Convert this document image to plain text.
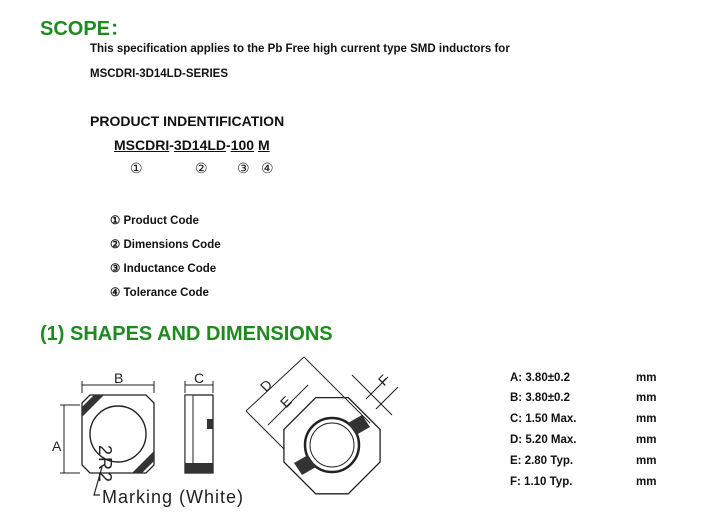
SCOPE：
This specification applies to the Pb Free high current type SMD inductors for
MSCDRI-3D14LD-SERIES
PRODUCT INDENTIFICATION
MSCDRI-3D14LD-100 M
①	② ③ ④
① Product Code
② Dimensions Code
③ Inductance Code
④ Tolerance Code
(1) SHAPES AND DIMENSIONS
2R2
B
A
Marking (White)
C	D
E
F	A: 3.80±0.2	mm
B: 3.80±0.2	mm
C: 1.50 Max.	mm
D: 5.20 Max.	mm
E: 2.80 Typ.	mm
F: 1.10 Typ.	mm
